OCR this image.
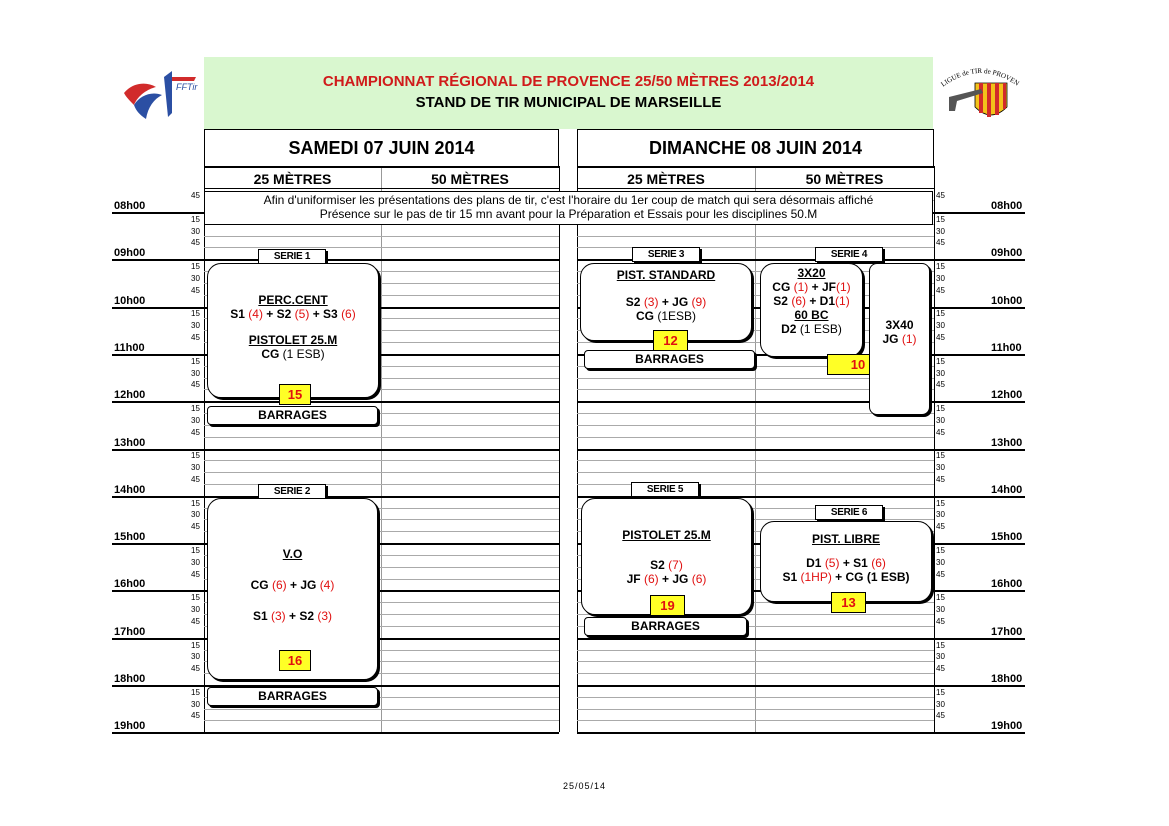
FFTir	CHAMPIONNAT RÉGIONAL DE PROVENCE 25/50 MÈTRES 2013/2014
STAND DE TIR MUNICIPAL DE MARSEILLE
LIGUE de TIR de PROVEN
08h00	08h00
15	15
30	30
45	45
09h00	09h00
15	15
30	30
45	45
10h00	10h00
15	15
30	30
45	45
11h00	11h00
15	15
30	30
45	45
12h00	12h00
15	15
30	30
45	45
13h00	13h00
15	15
30	30
45	45
14h00	14h00
15	15
30	30
45	45
15h00	15h00
15	15
30	30
45	45
16h00	16h00
15	15
30	30
45	45
17h00	17h00
15	15
30	30
45	45
18h00	18h00
15	15
30	30
45	45
19h00	19h00
45	45
SAMEDI 07 JUIN 2014	DIMANCHE 08 JUIN 2014
25 MÈTRES	50 MÈTRES	25 MÈTRES	50 MÈTRES
Afin d'uniformiser les présentations des plans de tir, c'est l'horaire du 1er coup de match qui sera désormais affiché
Présence sur le pas de tir 15 mn avant pour la Préparation et Essais pour les disciplines 50.M
SERIE 1
PERC.CENT
S1 (4) + S2 (5) + S3 (6)
PISTOLET 25.M
CG (1 ESB)
15
BARRAGES
SERIE 2
V.O
CG (6) + JG (4)
S1 (3) + S2 (3)
16
BARRAGES
SERIE 3
PIST. STANDARD
S2 (3) + JG (9)
CG (1ESB)
12
BARRAGES
SERIE 5
PISTOLET 25.M
S2 (7)
JF (6) + JG (6)
19
BARRAGES
SERIE 4
3X20
CG (1) + JF(1)
S2 (6) + D1(1)
60 BC
D2 (1 ESB)
10
3X40
JG (1)
SERIE 6
PIST. LIBRE
D1 (5) + S1 (6)
S1 (1HP) + CG (1 ESB)
13
25/05/14
